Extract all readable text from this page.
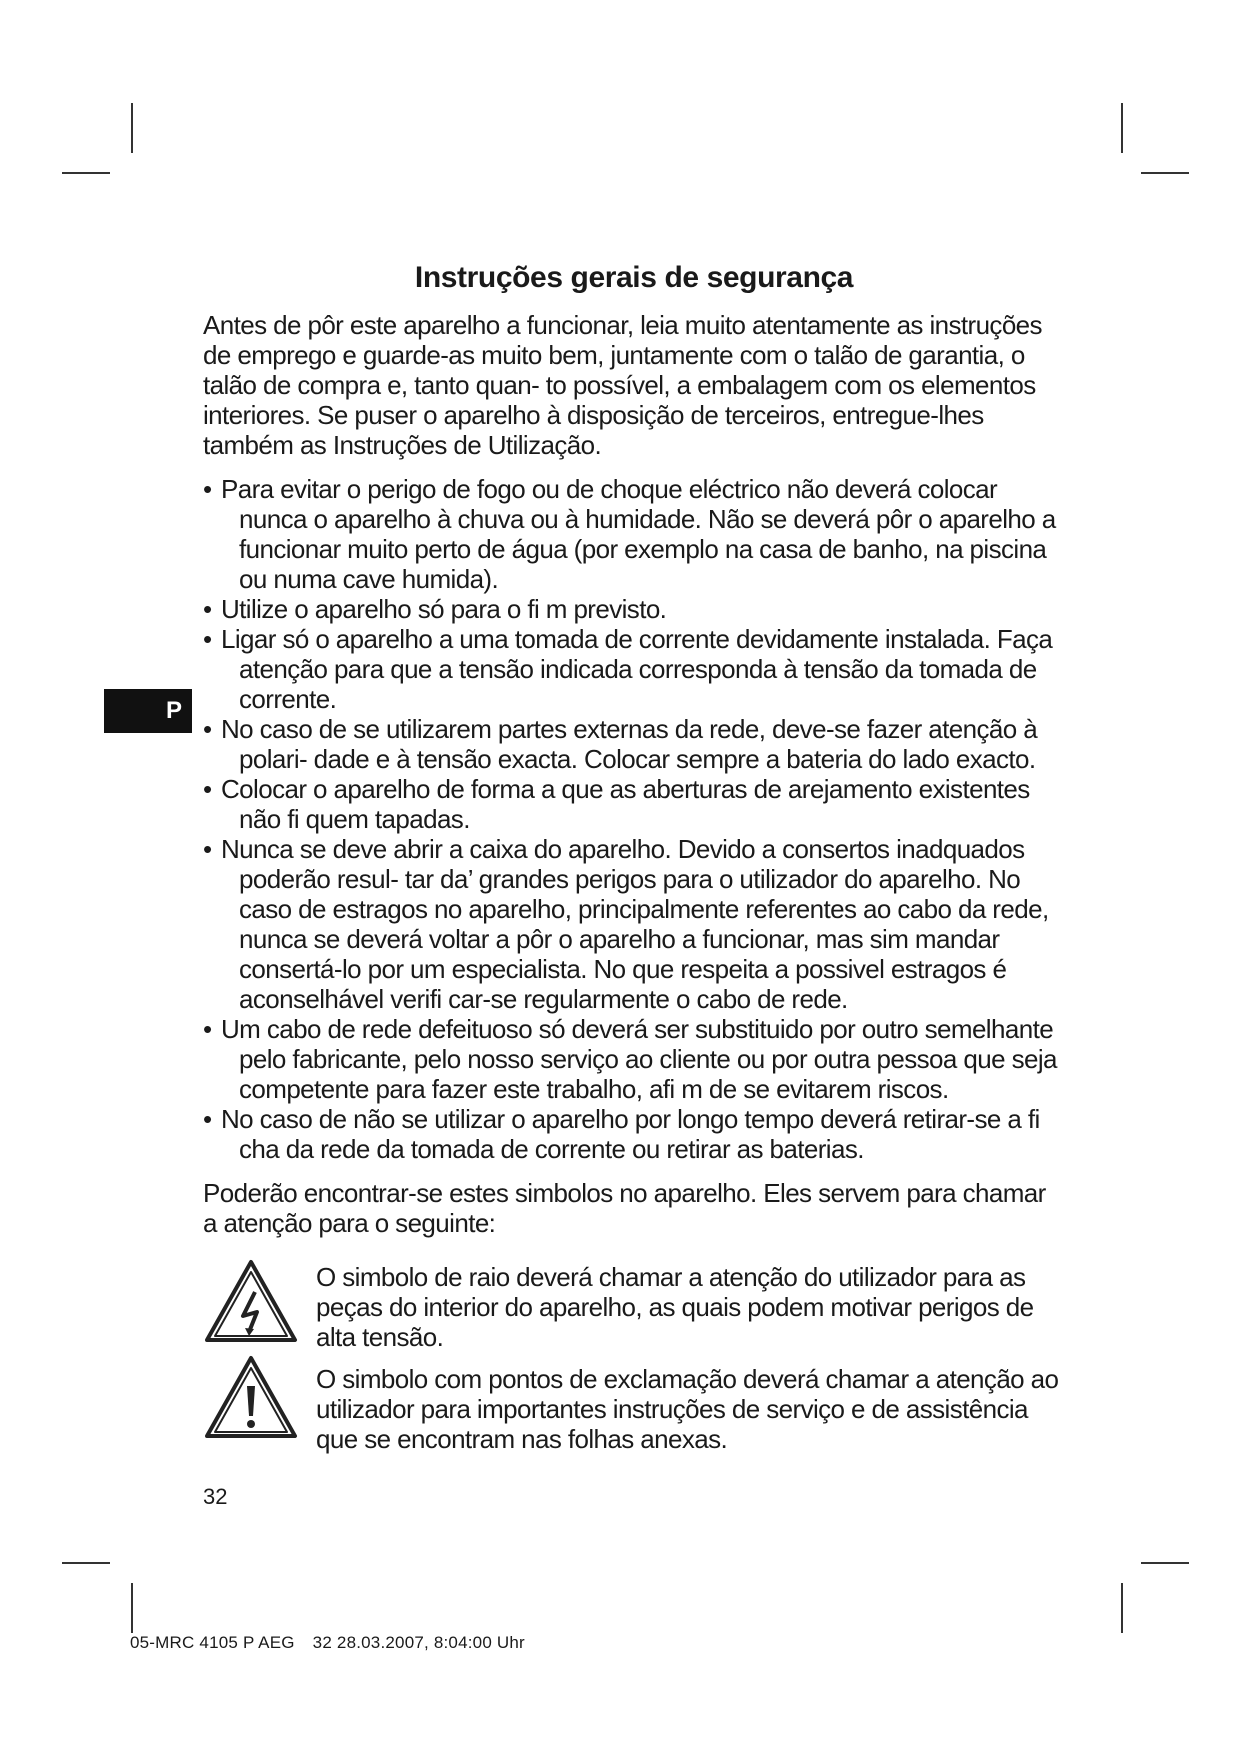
P
Instruções gerais de segurança

Antes de pôr este aparelho a funcionar, leia muito atentamente as instruções de emprego e guarde-as muito bem, juntamente com o talão de garantia, o talão de compra e, tanto quan- to possível, a embalagem com os elementos interiores. Se puser o aparelho à disposição de terceiros, entregue-lhes também as Instruções de Utilização.

• Para evitar o perigo de fogo ou de choque eléctrico não deverá colocar nunca o aparelho à chuva ou à humidade. Não se deverá pôr o aparelho a funcionar muito perto de água (por exemplo na casa de banho, na piscina ou numa cave humida).
• Utilize o aparelho só para o fi m previsto.
• Ligar só o aparelho a uma tomada de corrente devidamente instalada. Faça atenção para que a tensão indicada corresponda à tensão da tomada de corrente.
• No caso de se utilizarem partes externas da rede, deve-se fazer atenção à polari- dade e à tensão exacta. Colocar sempre a bateria do lado exacto.
• Colocar o aparelho de forma a que as aberturas de arejamento existentes não fi quem tapadas.
• Nunca se deve abrir a caixa do aparelho. Devido a consertos inadquados poderão resul- tar da’ grandes perigos para o utilizador do aparelho. No caso de estragos no aparelho, principalmente referentes ao cabo da rede, nunca se deverá voltar a pôr o aparelho a funcionar, mas sim mandar consertá-lo por um especialista. No que respeita a possivel estragos é aconselhável verifi car-se regularmente o cabo de rede.
• Um cabo de rede defeituoso só deverá ser substituido por outro semelhante pelo fabricante, pelo nosso serviço ao cliente ou por outra pessoa que seja competente para fazer este trabalho, afi m de se evitarem riscos.
• No caso de não se utilizar o aparelho por longo tempo deverá retirar-se a fi cha da rede da tomada de corrente ou retirar as baterias.

Poderão encontrar-se estes simbolos no aparelho. Eles servem para chamar a atenção para o seguinte:

O simbolo de raio deverá chamar a atenção do utilizador para as peças do interior do aparelho, as quais podem motivar perigos de alta tensão.

O simbolo com pontos de exclamação deverá chamar a atenção ao utilizador para importantes instruções de serviço e de assistência que se encontram nas folhas anexas.

32
05-MRC 4105 P AEG 32 28.03.2007, 8:04:00 Uhr
